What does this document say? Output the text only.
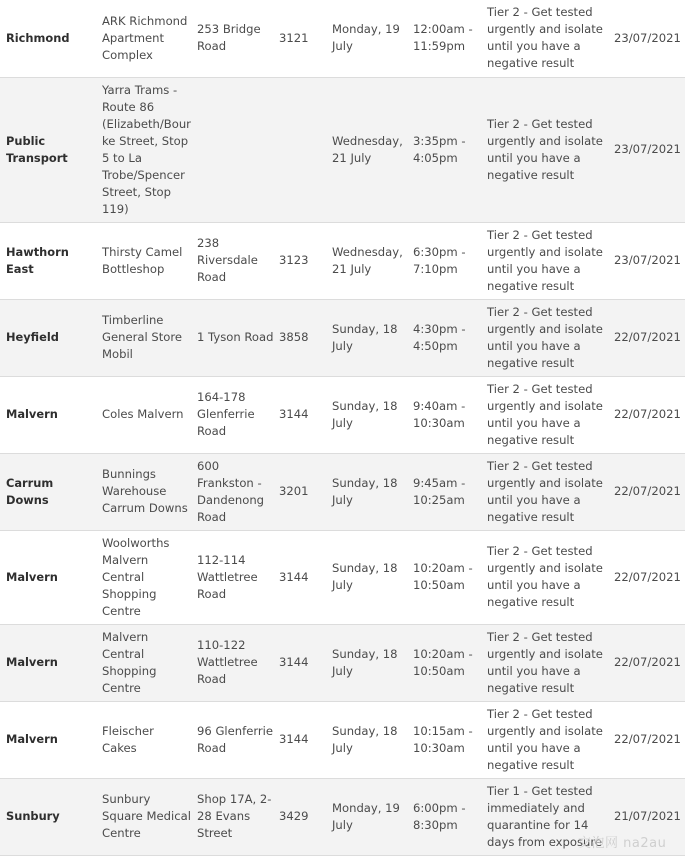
Richmond	ARK Richmond Apartment Complex	253 Bridge Road	3121	Monday, 19 July	12:00am - 11:59pm	Tier 2 - Get tested urgently and isolate until you have a negative result	23/07/2021
Public Transport	Yarra Trams - Route 86 (Elizabeth/Bourke Street, Stop 5 to La Trobe/Spencer Street, Stop 119)			Wednesday, 21 July	3:35pm - 4:05pm	Tier 2 - Get tested urgently and isolate until you have a negative result	23/07/2021
Hawthorn East	Thirsty Camel Bottleshop	238 Riversdale Road	3123	Wednesday, 21 July	6:30pm - 7:10pm	Tier 2 - Get tested urgently and isolate until you have a negative result	23/07/2021
Heyfield	Timberline General Store Mobil	1 Tyson Road	3858	Sunday, 18 July	4:30pm - 4:50pm	Tier 2 - Get tested urgently and isolate until you have a negative result	22/07/2021
Malvern	Coles Malvern	164-178 Glenferrie Road	3144	Sunday, 18 July	9:40am - 10:30am	Tier 2 - Get tested urgently and isolate until you have a negative result	22/07/2021
Carrum Downs	Bunnings Warehouse Carrum Downs	600 Frankston - Dandenong Road	3201	Sunday, 18 July	9:45am - 10:25am	Tier 2 - Get tested urgently and isolate until you have a negative result	22/07/2021
Malvern	Woolworths Malvern Central Shopping Centre	112-114 Wattletree Road	3144	Sunday, 18 July	10:20am - 10:50am	Tier 2 - Get tested urgently and isolate until you have a negative result	22/07/2021
Malvern	Malvern Central Shopping Centre	110-122 Wattletree Road	3144	Sunday, 18 July	10:20am - 10:50am	Tier 2 - Get tested urgently and isolate until you have a negative result	22/07/2021
Malvern	Fleischer Cakes	96 Glenferrie Road	3144	Sunday, 18 July	10:15am - 10:30am	Tier 2 - Get tested urgently and isolate until you have a negative result	22/07/2021
Sunbury	Sunbury Square Medical Centre	Shop 17A, 2-28 Evans Street	3429	Monday, 19 July	6:00pm - 8:30pm	Tier 1 - Get tested immediately and quarantine for 14 days from exposure	21/07/2021
交泡网 na2au
